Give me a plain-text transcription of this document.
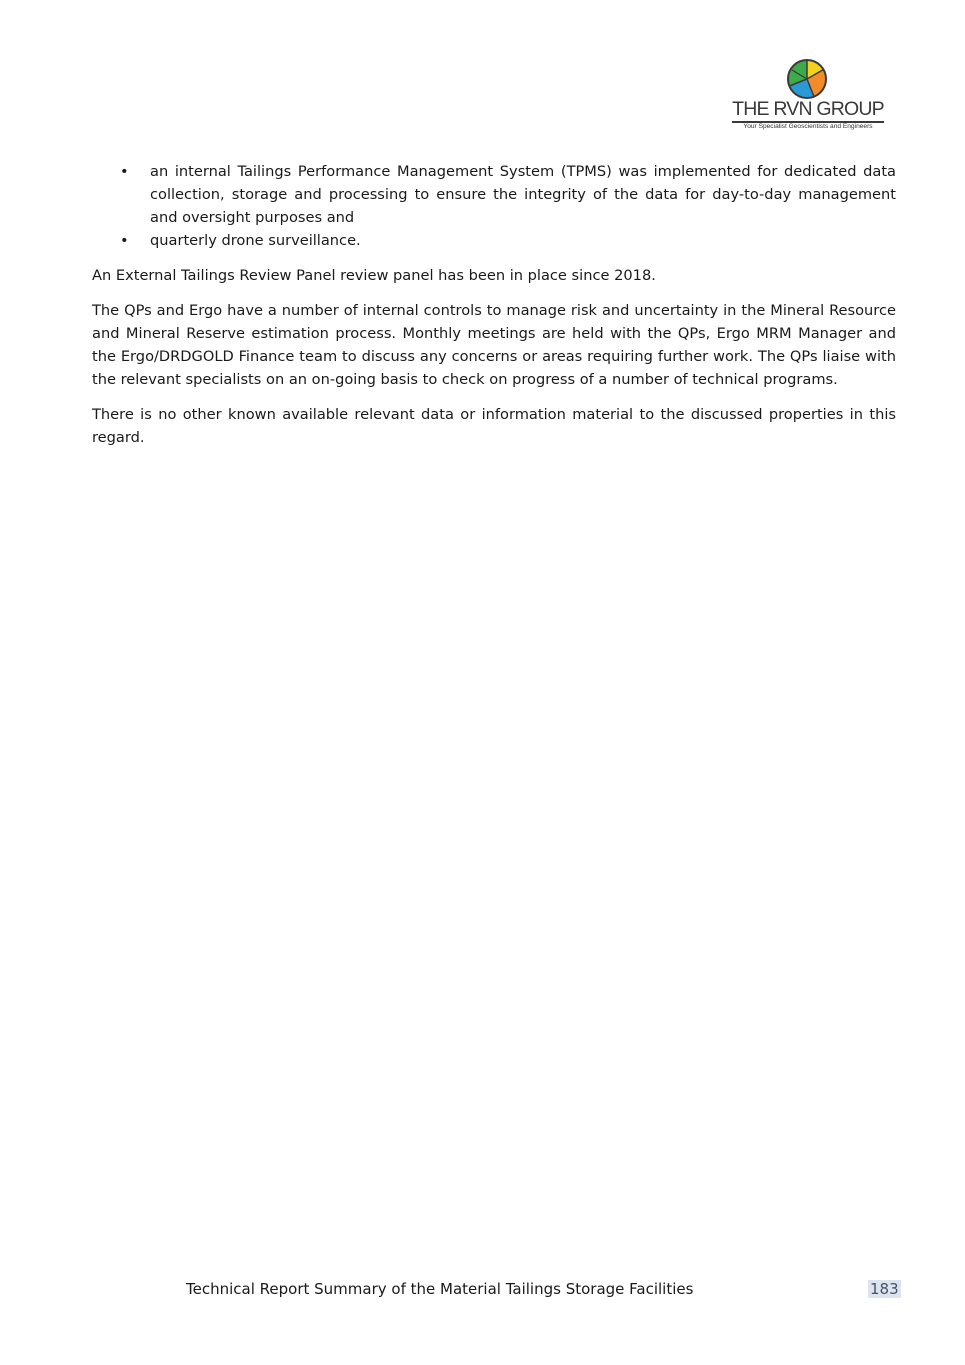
THE RVN GROUP
Your Specialist Geoscientists and Engineers
• an internal Tailings Performance Management System (TPMS) was implemented for dedicated data collection, storage and processing to ensure the integrity of the data for day-to-day management and oversight purposes and
• quarterly drone surveillance.

An External Tailings Review Panel review panel has been in place since 2018.

The QPs and Ergo have a number of internal controls to manage risk and uncertainty in the Mineral Resource and Mineral Reserve estimation process. Monthly meetings are held with the QPs, Ergo MRM Manager and the Ergo/DRDGOLD Finance team to discuss any concerns or areas requiring further work. The QPs liaise with the relevant specialists on an on-going basis to check on progress of a number of technical programs.

There is no other known available relevant data or information material to the discussed properties in this regard.

Technical Report Summary of the Material Tailings Storage Facilities	183
